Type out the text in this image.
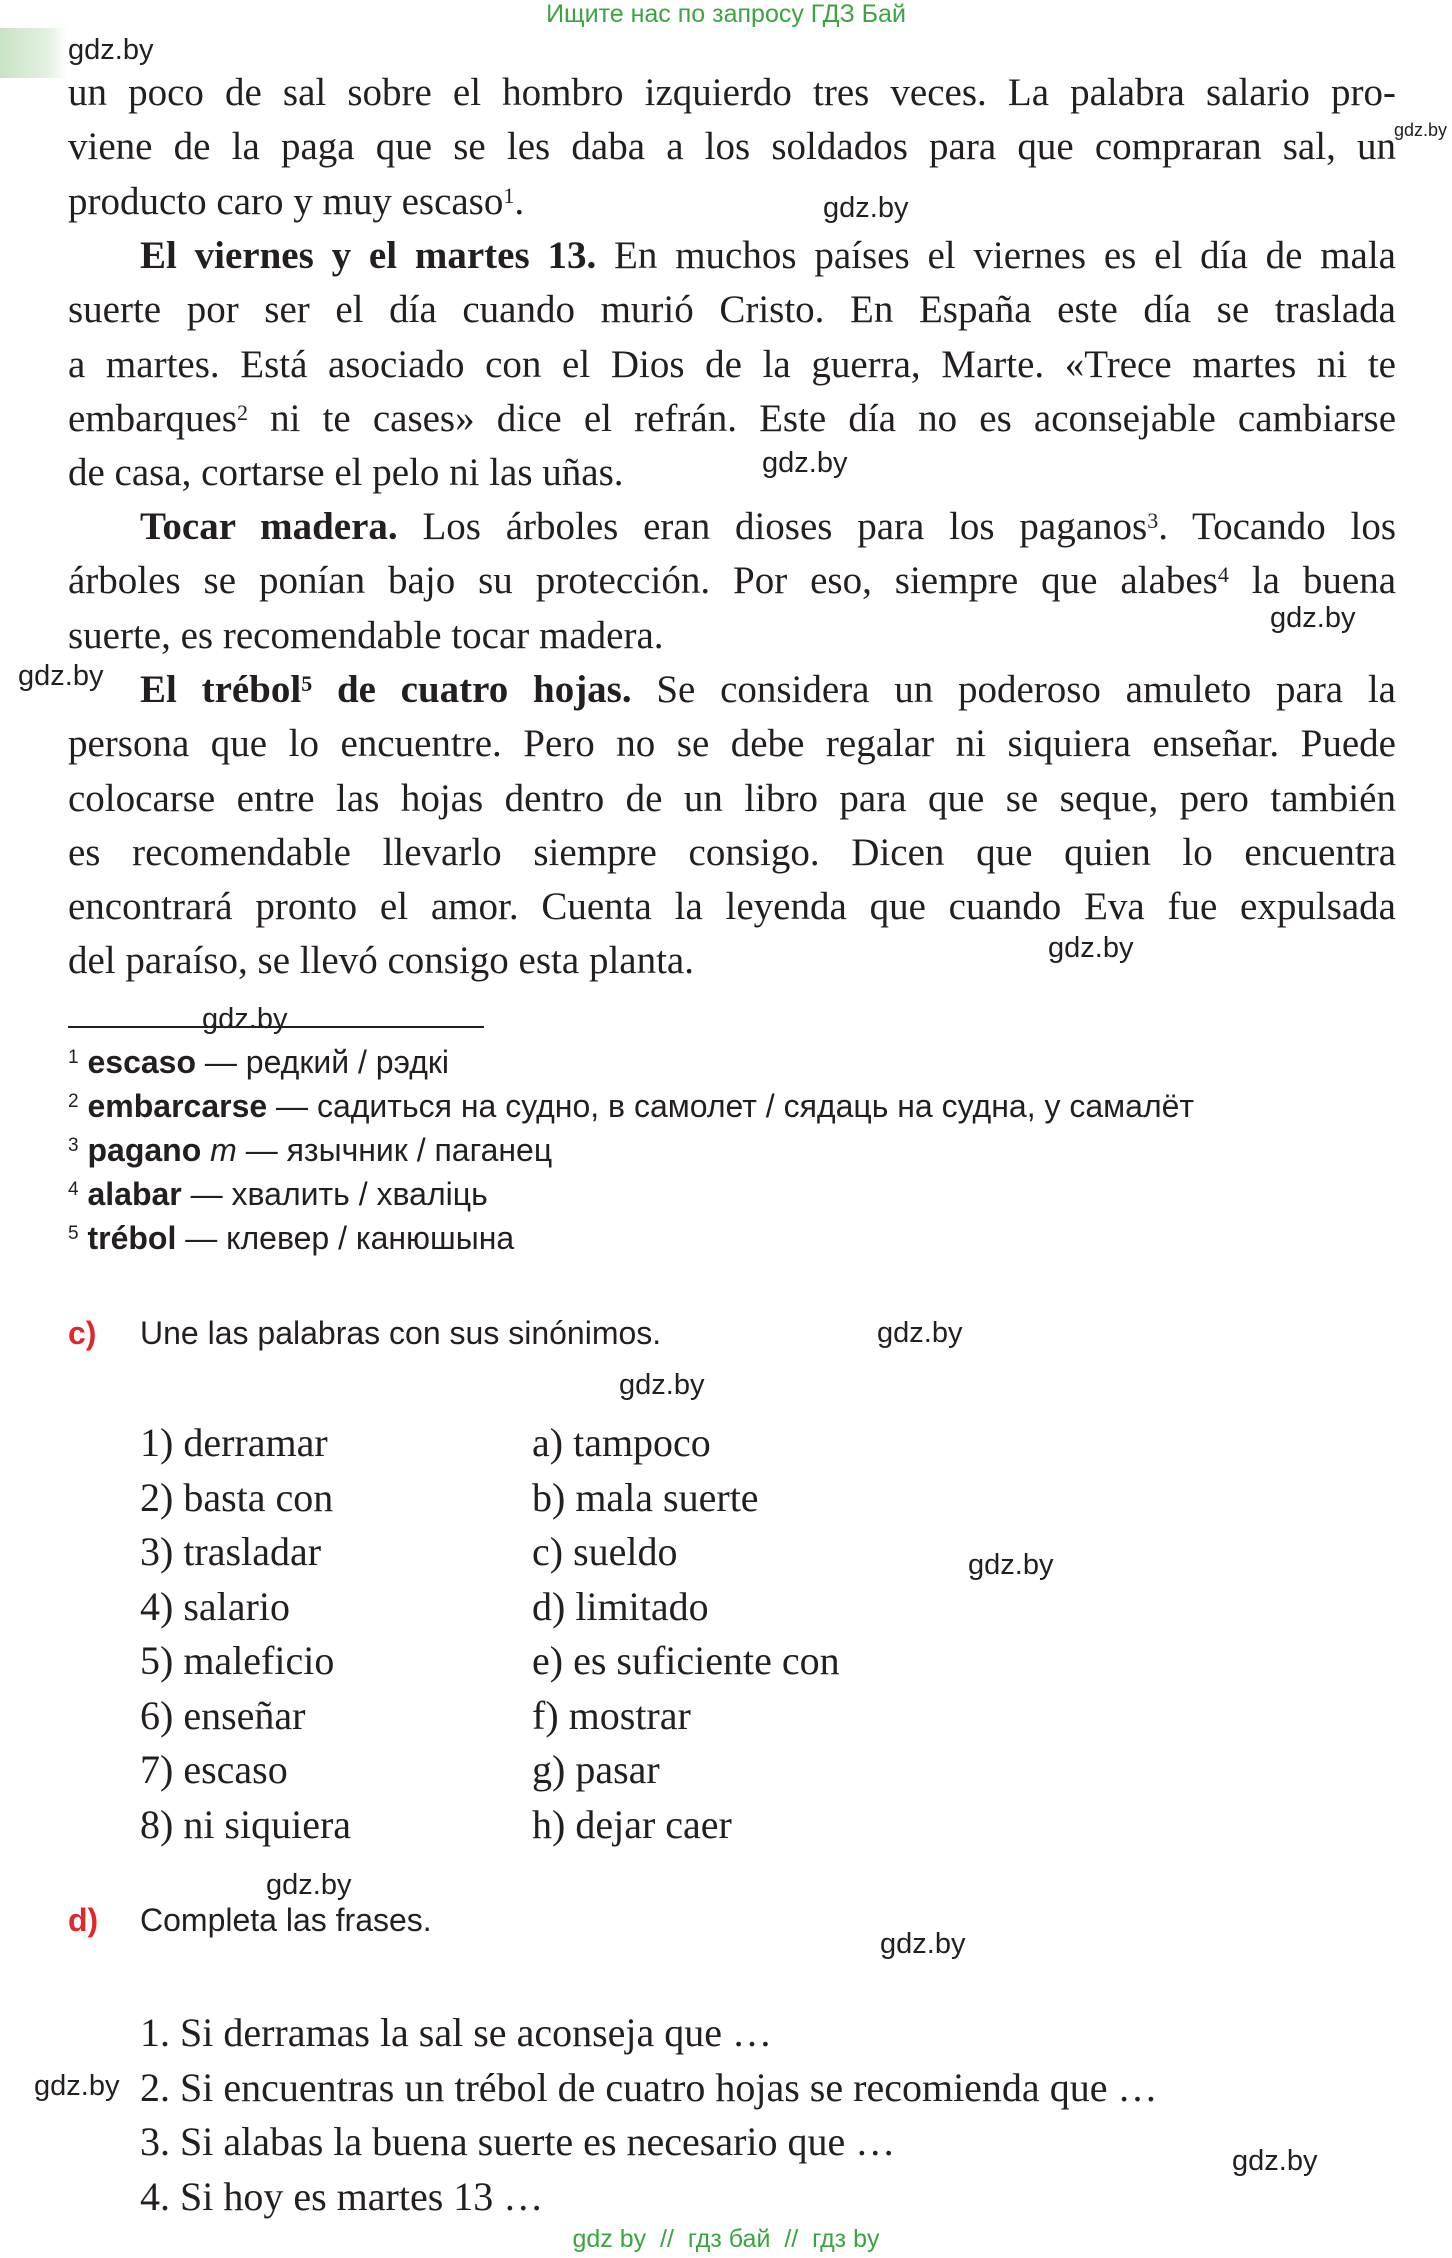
Ищите нас по запросу ГДЗ Бай
gdz.by
gdz.by
gdz.by
gdz.by
gdz.by
gdz.by
gdz.by
gdz.by
gdz.by
gdz.by
gdz.by
gdz.by
gdz.by
gdz.by
gdz.by
un poco de sal sobre el hombro izquierdo tres veces. La palabra salario pro-
viene de la paga que se les daba a los soldados para que compraran sal, un
producto caro y muy escaso$^1$.
El viernes y el martes 13. En muchos países el viernes es el día de mala
suerte por ser el día cuando murió Cristo. En España este día se traslada
a martes. Está asociado con el Dios de la guerra, Marte. «Trece martes ni te
embarques$^2$ ni te cases» dice el refrán. Este día no es aconsejable cambiarse
de casa, cortarse el pelo ni las uñas.
Tocar madera. Los árboles eran dioses para los paganos$^3$. Tocando los
árboles se ponían bajo su protección. Por eso, siempre que alabes$^4$ la buena
suerte, es recomendable tocar madera.
El trébol$^5$ de cuatro hojas. Se considera un poderoso amuleto para la
persona que lo encuentre. Pero no se debe regalar ni siquiera enseñar. Puede
colocarse entre las hojas dentro de un libro para que se seque, pero también
es recomendable llevarlo siempre consigo. Dicen que quien lo encuentra
encontrará pronto el amor. Cuenta la leyenda que cuando Eva fue expulsada
del paraíso, se llevó consigo esta planta.
$^1$ escaso — редкий / рэдкі
$^2$ embarcarse — садиться на судно, в самолет / сядаць на судна, у самалёт
$^3$ pagano m — язычник / паганец
$^4$ alabar — хвалить / хваліць
$^5$ trébol — клевер / канюшына
c) Une las palabras con sus sinónimos.
1) derramar
2) basta con
3) trasladar
4) salario
5) maleficio
6) enseñar
7) escaso
8) ni siquiera
a) tampoco
b) mala suerte
c) sueldo
d) limitado
e) es suficiente con
f) mostrar
g) pasar
h) dejar caer
d) Completa las frases.
1. Si derramas la sal se aconseja que …
2. Si encuentras un trébol de cuatro hojas se recomienda que …
3. Si alabas la buena suerte es necesario que …
4. Si hoy es martes 13 …
gdz by  //  гдз бай  //  гдз by
